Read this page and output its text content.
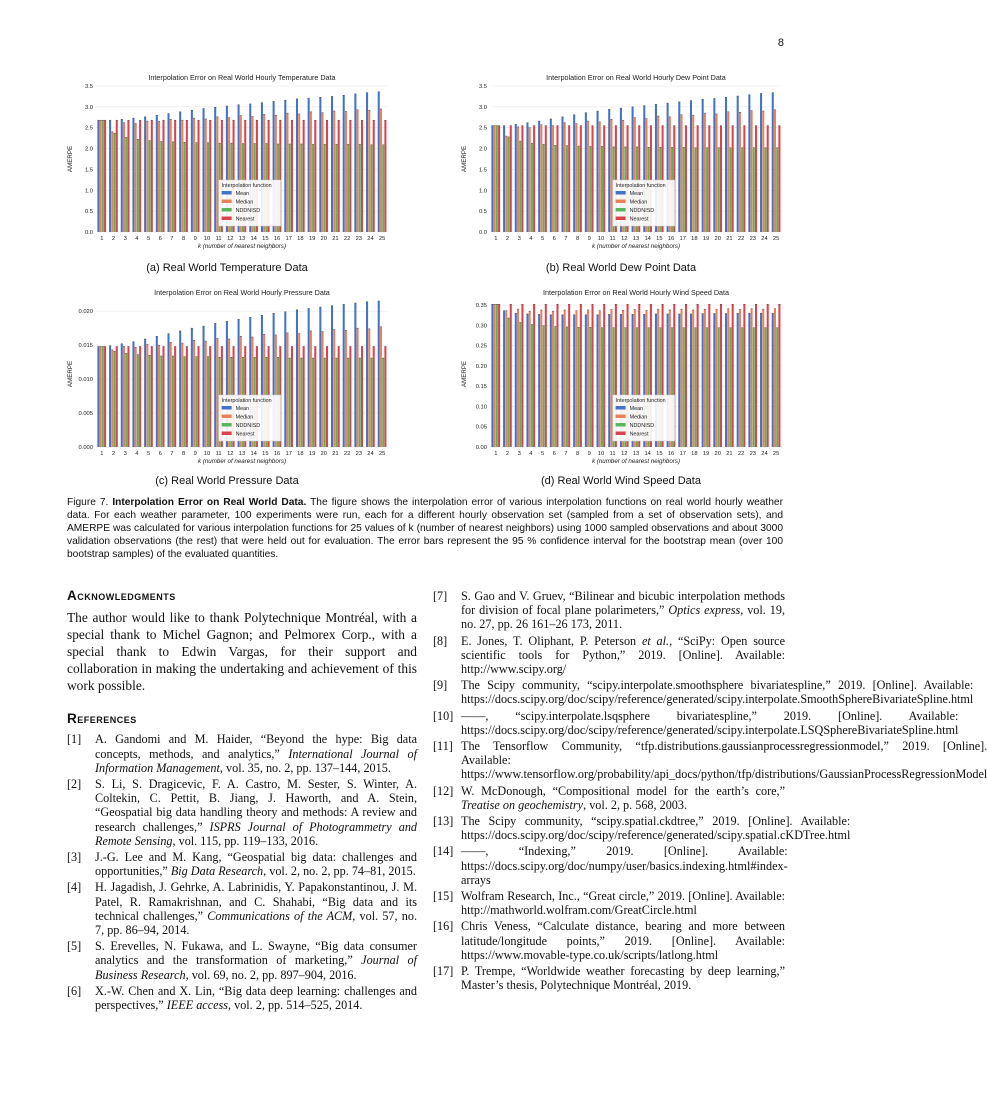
8
Interpolation Error on Real World Hourly Temperature Data
0.0
0.5
1.0
1.5
2.0
2.5
3.0
3.5
AMERPE
1 2 3 4 5 6 7 8 9 10 11 12 13 14 15 16 17 18 19 20 21 22 23 24 25
k (number of nearest neighbors)
Interpolation function
Mean
Median
NDDNISD
Nearest
Interpolation Error on Real World Hourly Dew Point Data
0.0
0.5
1.0
1.5
2.0
2.5
3.0
3.5
AMERPE
1 2 3 4 5 6 7 8 9 10 11 12 13 14 15 16 17 18 19 20 21 22 23 24 25
k (number of nearest neighbors)
Interpolation function
Mean
Median
NDDNISD
Nearest
Interpolation Error on Real World Hourly Pressure Data
0.000
0.005
0.010
0.015
0.020
AMERPE
1 2 3 4 5 6 7 8 9 10 11 12 13 14 15 16 17 18 19 20 21 22 23 24 25
k (number of nearest neighbors)
Interpolation function
Mean
Median
NDDNISD
Nearest
Interpolation Error on Real World Hourly Wind Speed Data
0.00
0.05
0.10
0.15
0.20
0.25
0.30
0.35
AMERPE
1 2 3 4 5 6 7 8 9 10 11 12 13 14 15 16 17 18 19 20 21 22 23 24 25
k (number of nearest neighbors)
Interpolation function
Mean
Median
NDDNISD
Nearest
(a) Real World Temperature Data	(b) Real World Dew Point Data
(c) Real World Pressure Data	(d) Real World Wind Speed Data
Figure 7. Interpolation Error on Real World Data. The figure shows the interpolation error of various interpolation functions on real world hourly weather data. For each weather parameter, 100 experiments were run, each for a different hourly observation set (sampled from a set of observation sets), and AMERPE was calculated for various interpolation functions for 25 values of k (number of nearest neighbors) using 1000 sampled observations and about 3000 validation observations (the rest) that were held out for evaluation. The error bars represent the 95 % confidence interval for the bootstrap mean (over 100 bootstrap samples) of the evaluated quantities.
Acknowledgments

The author would like to thank Polytechnique Montréal, with a special thank to Michel Gagnon; and Pelmorex Corp., with a special thank to Edwin Vargas, for their support and collaboration in making the undertaking and achievement of this work possible.

References
[1]	A. Gandomi and M. Haider, “Beyond the hype: Big data concepts, methods, and analytics,” International Journal of Information Management, vol. 35, no. 2, pp. 137–144, 2015.
[2]	S. Li, S. Dragicevic, F. A. Castro, M. Sester, S. Winter, A. Coltekin, C. Pettit, B. Jiang, J. Haworth, and A. Stein, “Geospatial big data handling theory and methods: A review and research challenges,” ISPRS Journal of Photogrammetry and Remote Sensing, vol. 115, pp. 119–133, 2016.
[3]	J.-G. Lee and M. Kang, “Geospatial big data: challenges and opportunities,” Big Data Research, vol. 2, no. 2, pp. 74–81, 2015.
[4]	H. Jagadish, J. Gehrke, A. Labrinidis, Y. Papakonstantinou, J. M. Patel, R. Ramakrishnan, and C. Shahabi, “Big data and its technical challenges,” Communications of the ACM, vol. 57, no. 7, pp. 86–94, 2014.
[5]	S. Erevelles, N. Fukawa, and L. Swayne, “Big data consumer analytics and the transformation of marketing,” Journal of Business Research, vol. 69, no. 2, pp. 897–904, 2016.
[6]	X.-W. Chen and X. Lin, “Big data deep learning: challenges and perspectives,” IEEE access, vol. 2, pp. 514–525, 2014.
[7]	S. Gao and V. Gruev, “Bilinear and bicubic interpolation methods for division of focal plane polarimeters,” Optics express, vol. 19, no. 27, pp. 26 161–26 173, 2011.
[8]	E. Jones, T. Oliphant, P. Peterson et al., “SciPy: Open source scientific tools for Python,” 2019. [Online]. Available: http://www.scipy.org/
[9]	The Scipy community, “scipy.interpolate.smoothsphere bivariatespline,” 2019. [Online]. Available: https://docs.scipy.org/doc/scipy/reference/generated/scipy.interpolate.SmoothSphereBivariateSpline.html
[10] ——, “scipy.interpolate.lsqsphere bivariatespline,” 2019. [Online]. Available: https://docs.scipy.org/doc/scipy/reference/generated/scipy.interpolate.LSQSphereBivariateSpline.html
[11] The Tensorflow Community, “tfp.distributions.gaussianprocessregressionmodel,” 2019. [Online]. Available: https://www.tensorflow.org/probability/api_docs/python/tfp/distributions/GaussianProcessRegressionModel
[12] W. McDonough, “Compositional model for the earth’s core,” Treatise on geochemistry, vol. 2, p. 568, 2003.
[13] The Scipy community, “scipy.spatial.ckdtree,” 2019. [Online]. Available: https://docs.scipy.org/doc/scipy/reference/generated/scipy.spatial.cKDTree.html
[14] ——, “Indexing,” 2019. [Online]. Available: https://docs.scipy.org/doc/numpy/user/basics.indexing.html#index-arrays
[15] Wolfram Research, Inc., “Great circle,” 2019. [Online]. Available: http://mathworld.wolfram.com/GreatCircle.html
[16] Chris Veness, “Calculate distance, bearing and more between latitude/longitude points,” 2019. [Online]. Available: https://www.movable-type.co.uk/scripts/latlong.html
[17] P. Trempe, “Worldwide weather forecasting by deep learning,” Master’s thesis, Polytechnique Montréal, 2019.
